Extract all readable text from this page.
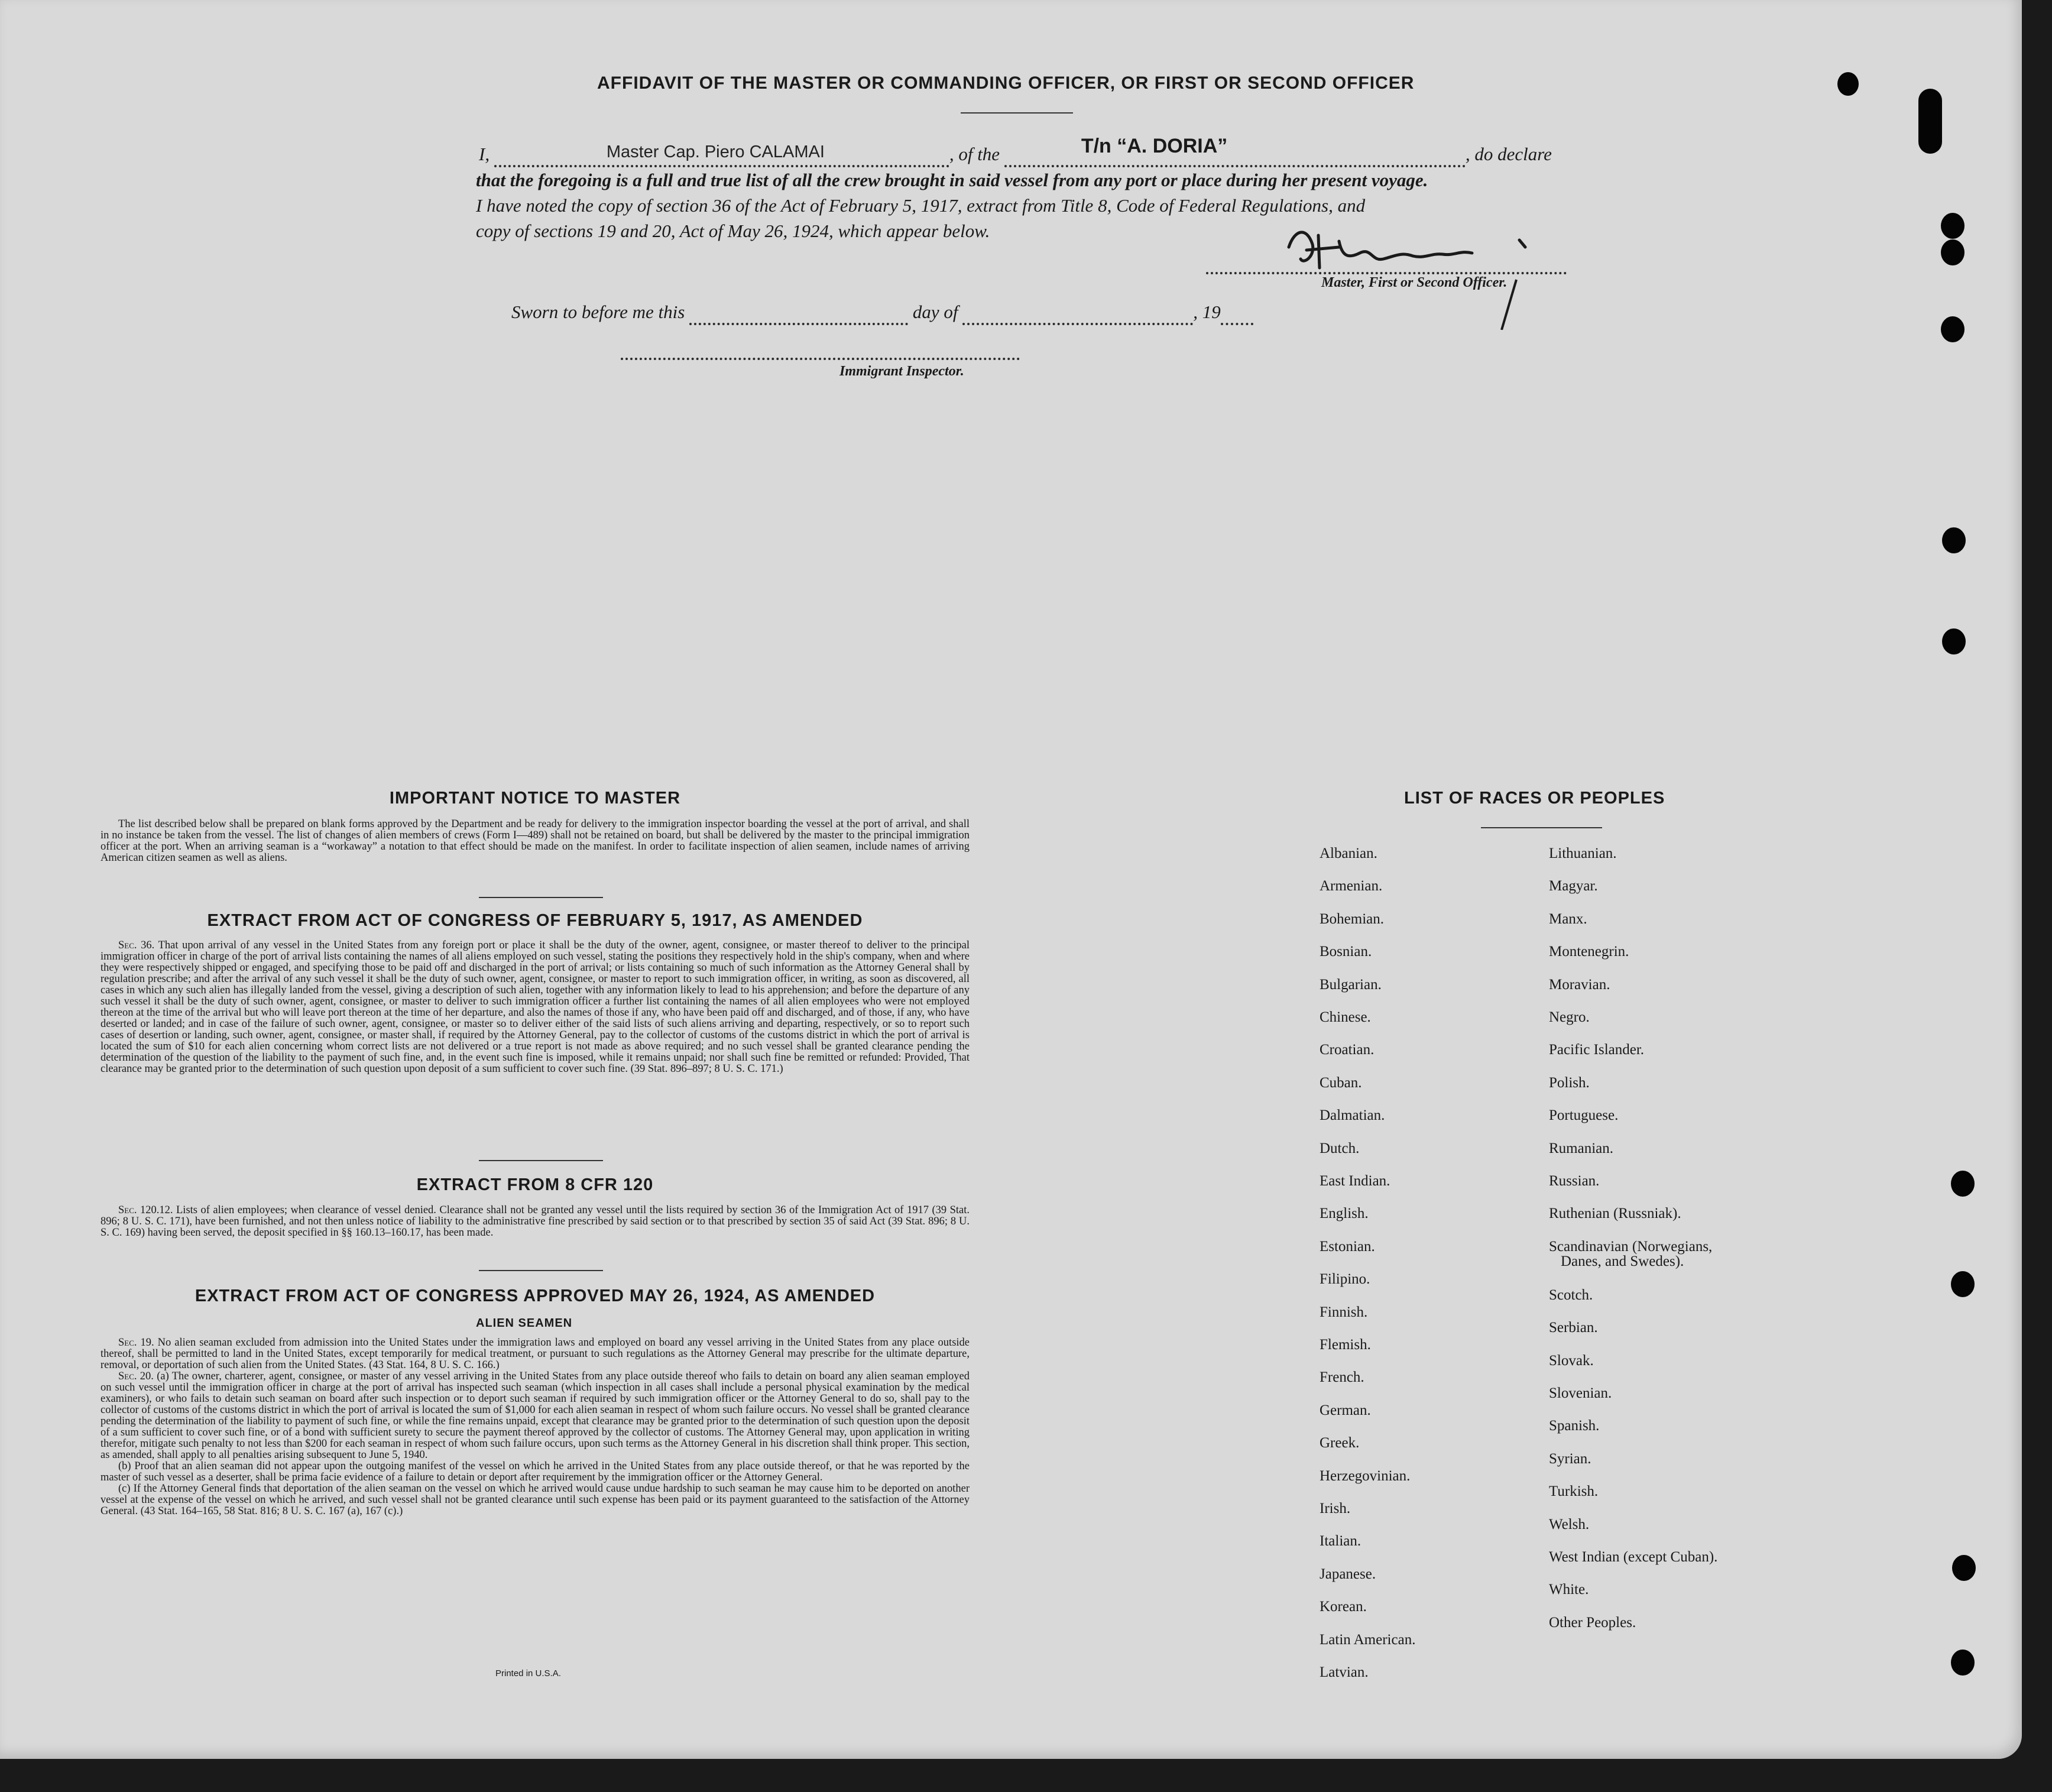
AFFIDAVIT OF THE MASTER OR COMMANDING OFFICER, OR FIRST OR SECOND OFFICER
I,	Master Cap. Piero CALAMAI	, of the	T/n “A. DORIA”	, do declare
that the foregoing is a full and true list of all the crew brought in said vessel from any port or place during her present voyage.
I have noted the copy of section 36 of the Act of February 5, 1917, extract from Title 8, Code of Federal Regulations, and
copy of sections 19 and 20, Act of May 26, 1924, which appear below.
Master, First or Second Officer.
Sworn to before me this	day of	, 19
Immigrant Inspector.
IMPORTANT NOTICE TO MASTER

The list described below shall be prepared on blank forms approved by the Department and be ready for delivery to the immigration inspector boarding the vessel at the port of arrival, and shall in no instance be taken from the vessel. The list of changes of alien members of crews (Form I—489) shall not be retained on board, but shall be delivered by the master to the principal immigration officer at the port. When an arriving seaman is a “workaway” a notation to that effect should be made on the manifest. In order to facilitate inspection of alien seamen, include names of arriving American citizen seamen as well as aliens.

EXTRACT FROM ACT OF CONGRESS OF FEBRUARY 5, 1917, AS AMENDED

Sec. 36. That upon arrival of any vessel in the United States from any foreign port or place it shall be the duty of the owner, agent, consignee, or master thereof to deliver to the principal immigration officer in charge of the port of arrival lists containing the names of all aliens employed on such vessel, stating the positions they respectively hold in the ship's company, when and where they were respectively shipped or engaged, and specifying those to be paid off and discharged in the port of arrival; or lists containing so much of such information as the Attorney General shall by regulation prescribe; and after the arrival of any such vessel it shall be the duty of such owner, agent, consignee, or master to report to such immigration officer, in writing, as soon as discovered, all cases in which any such alien has illegally landed from the vessel, giving a description of such alien, together with any information likely to lead to his apprehension; and before the departure of any such vessel it shall be the duty of such owner, agent, consignee, or master to deliver to such immigration officer a further list containing the names of all alien employees who were not employed thereon at the time of the arrival but who will leave port thereon at the time of her departure, and also the names of those if any, who have been paid off and discharged, and of those, if any, who have deserted or landed; and in case of the failure of such owner, agent, consignee, or master so to deliver either of the said lists of such aliens arriving and departing, respectively, or so to report such cases of desertion or landing, such owner, agent, consignee, or master shall, if required by the Attorney General, pay to the collector of customs of the customs district in which the port of arrival is located the sum of $10 for each alien concerning whom correct lists are not delivered or a true report is not made as above required; and no such vessel shall be granted clearance pending the determination of the question of the liability to the payment of such fine, and, in the event such fine is imposed, while it remains unpaid; nor shall such fine be remitted or refunded: Provided, That clearance may be granted prior to the determination of such question upon deposit of a sum sufficient to cover such fine. (39 Stat. 896–897; 8 U. S. C. 171.)

EXTRACT FROM 8 CFR 120

Sec. 120.12. Lists of alien employees; when clearance of vessel denied. Clearance shall not be granted any vessel until the lists required by section 36 of the Immigration Act of 1917 (39 Stat. 896; 8 U. S. C. 171), have been furnished, and not then unless notice of liability to the administrative fine prescribed by said section or to that prescribed by section 35 of said Act (39 Stat. 896; 8 U. S. C. 169) having been served, the deposit specified in §§ 160.13–160.17, has been made.

EXTRACT FROM ACT OF CONGRESS APPROVED MAY 26, 1924, AS AMENDED
ALIEN SEAMEN

Sec. 19. No alien seaman excluded from admission into the United States under the immigration laws and employed on board any vessel arriving in the United States from any place outside thereof, shall be permitted to land in the United States, except temporarily for medical treatment, or pursuant to such regulations as the Attorney General may prescribe for the ultimate departure, removal, or deportation of such alien from the United States. (43 Stat. 164, 8 U. S. C. 166.)

Sec. 20. (a) The owner, charterer, agent, consignee, or master of any vessel arriving in the United States from any place outside thereof who fails to detain on board any alien seaman employed on such vessel until the immigration officer in charge at the port of arrival has inspected such seaman (which inspection in all cases shall include a personal physical examination by the medical examiners), or who fails to detain such seaman on board after such inspection or to deport such seaman if required by such immigration officer or the Attorney General to do so, shall pay to the collector of customs of the customs district in which the port of arrival is located the sum of $1,000 for each alien seaman in respect of whom such failure occurs. No vessel shall be granted clearance pending the determination of the liability to payment of such fine, or while the fine remains unpaid, except that clearance may be granted prior to the determination of such question upon the deposit of a sum sufficient to cover such fine, or of a bond with sufficient surety to secure the payment thereof approved by the collector of customs. The Attorney General may, upon application in writing therefor, mitigate such penalty to not less than $200 for each seaman in respect of whom such failure occurs, upon such terms as the Attorney General in his discretion shall think proper. This section, as amended, shall apply to all penalties arising subsequent to June 5, 1940.

(b) Proof that an alien seaman did not appear upon the outgoing manifest of the vessel on which he arrived in the United States from any place outside thereof, or that he was reported by the master of such vessel as a deserter, shall be prima facie evidence of a failure to detain or deport after requirement by the immigration officer or the Attorney General.

(c) If the Attorney General finds that deportation of the alien seaman on the vessel on which he arrived would cause undue hardship to such seaman he may cause him to be deported on another vessel at the expense of the vessel on which he arrived, and such vessel shall not be granted clearance until such expense has been paid or its payment guaranteed to the satisfaction of the Attorney General. (43 Stat. 164–165, 58 Stat. 816; 8 U. S. C. 167 (a), 167 (c).)

Printed in U.S.A.
LIST OF RACES OR PEOPLES
Albanian.
Armenian.
Bohemian.
Bosnian.
Bulgarian.
Chinese.
Croatian.
Cuban.
Dalmatian.
Dutch.
East Indian.
English.
Estonian.
Filipino.
Finnish.
Flemish.
French.
German.
Greek.
Herzegovinian.
Irish.
Italian.
Japanese.
Korean.
Latin American.
Latvian.
Lithuanian.
Magyar.
Manx.
Montenegrin.
Moravian.
Negro.
Pacific Islander.
Polish.
Portuguese.
Rumanian.
Russian.
Ruthenian (Russniak).
Scandinavian (Norwegians,
Danes, and Swedes).
Scotch.
Serbian.
Slovak.
Slovenian.
Spanish.
Syrian.
Turkish.
Welsh.
West Indian (except Cuban).
White.
Other Peoples.
